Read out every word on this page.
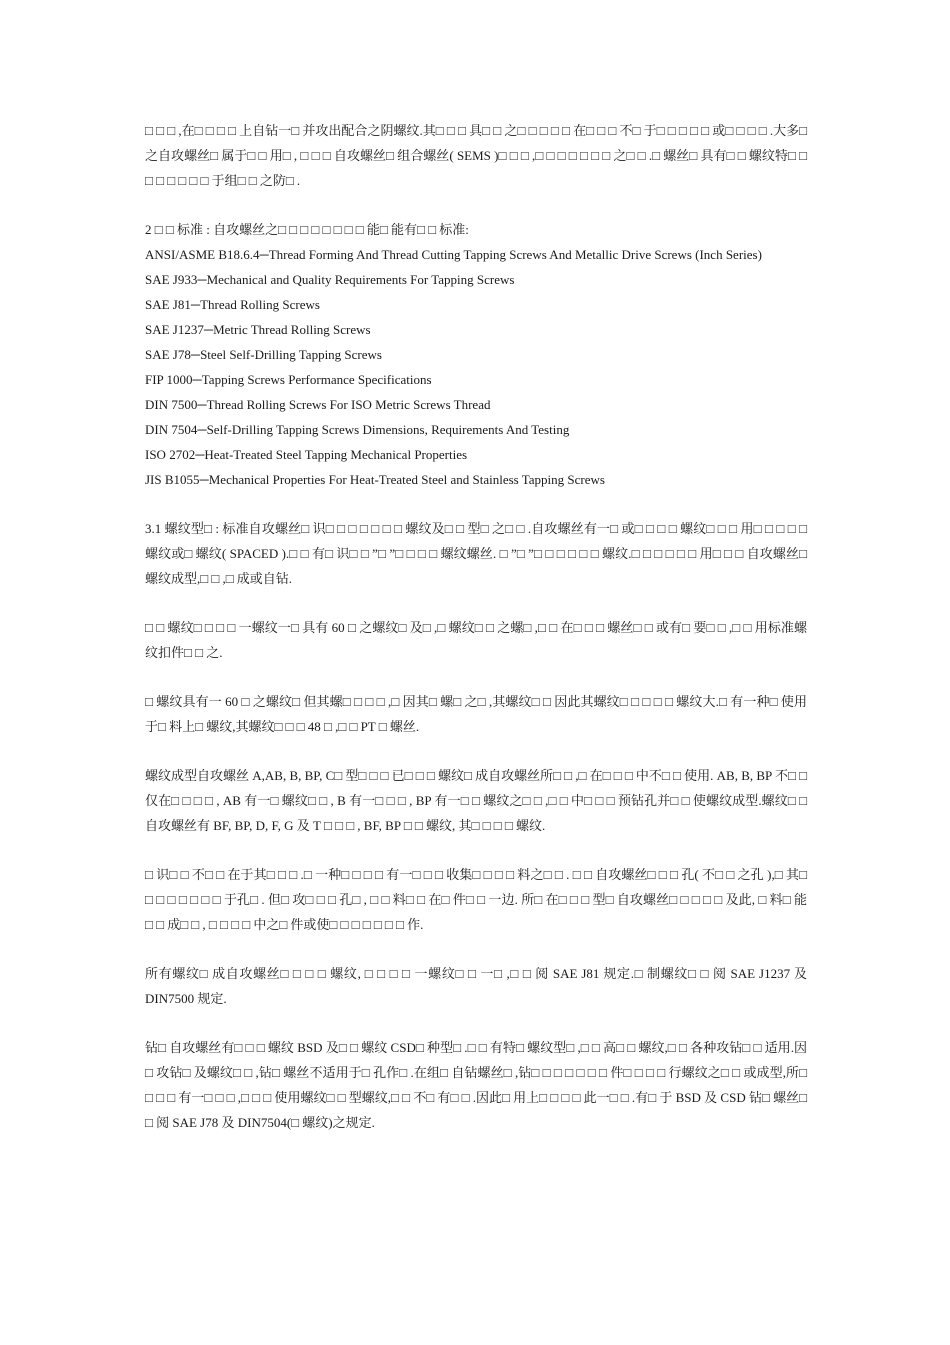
□ □ □ ,在□ □ □ □ 上自钻一□ 并攻出配合之阴螺纹.其□ □ □ 具□ □ 之□ □ □ □ □ 在□ □ □ 不□ 于□ □ □ □ □ 或□ □ □ □ .大多□ 之自攻螺丝□ 属于□ □ 用□ , □ □ □ 自攻螺丝□ 组合螺丝( SEMS )□ □ □ ,□ □ □ □ □ □ □ 之□ □ .□ 螺丝□ 具有□ □ 螺纹特□ □ □ □ □ □ □ □ 于组□ □ 之防□ .

2 □ □ 标准 : 自攻螺丝之□ □ □ □ □ □ □ □ 能□ 能有□ □ 标准:

ANSI/ASME B18.6.4─Thread Forming And Thread Cutting Tapping Screws And Metallic Drive Screws (Inch Series)
SAE J933─Mechanical and Quality Requirements For Tapping Screws
SAE J81─Thread Rolling Screws
SAE J1237─Metric Thread Rolling Screws
SAE J78─Steel Self-Drilling Tapping Screws
FIP 1000─Tapping Screws Performance Specifications
DIN 7500─Thread Rolling Screws For ISO Metric Screws Thread
DIN 7504─Self-Drilling Tapping Screws Dimensions, Requirements And Testing
ISO 2702─Heat-Treated Steel Tapping Mechanical Properties
JIS B1055─Mechanical Properties For Heat-Treated Steel and Stainless Tapping Screws

3.1 螺纹型□ : 标准自攻螺丝□ 识□ □ □ □ □ □ □ 螺纹及□ □ 型□ 之□ □ .自攻螺丝有一□ 或□ □ □ □ 螺纹□ □ □ 用□ □ □ □ □ 螺纹或□ 螺纹( SPACED ).□ □ 有□ 识□ □ ”□ ”□ □ □ □ 螺纹螺丝. □ ”□ ”□ □ □ □ □ □ 螺纹.□ □ □ □ □ □ 用□ □ □ 自攻螺丝□ 螺纹成型,□ □ ,□ 成或自钻.

□ □ 螺纹□ □ □ □ 一螺纹一□ 具有 60 □ 之螺纹□ 及□ ,□ 螺纹□ □ 之螺□ ,□ □ 在□ □ □ 螺丝□ □ 或有□ 要□ □ ,□ □ 用标准螺纹扣件□ □ 之.

□ 螺纹具有一 60 □ 之螺纹□ 但其螺□ □ □ □ ,□ 因其□ 螺□ 之□ ,其螺纹□ □ 因此其螺纹□ □ □ □ □ 螺纹大.□ 有一种□ 使用于□ 料上□ 螺纹,其螺纹□ □ □ 48 □ ,□ □ PT □ 螺丝.

螺纹成型自攻螺丝 A,AB, B, BP, C□ 型□ □ □ 已□ □ □ 螺纹□ 成自攻螺丝所□ □ ,□ 在□ □ □ 中不□ □ 使用. AB, B, BP 不□ □ 仅在□ □ □ □ , AB 有一□ 螺纹□ □ , B 有一□ □ □ , BP 有一□ □ 螺纹之□ □ ,□ □ 中□ □ □ 预钻孔并□ □ 使螺纹成型.螺纹□ □ 自攻螺丝有 BF, BP, D, F, G 及 T □ □ □ , BF, BP □ □ 螺纹, 其□ □ □ □ 螺纹.

□ 识□ □ 不□ □ 在于其□ □ □ .□ 一种□ □ □ □ 有一□ □ □ 收集□ □ □ □ 料之□ □ . □ □ 自攻螺丝□ □ □ 孔( 不□ □ 之孔 ),□ 其□ □ □ □ □ □ □ □ 于孔□ . 但□ 攻□ □ □ 孔□ , □ □ 料□ □ 在□ 件□ □ 一边. 所□ 在□ □ □ 型□ 自攻螺丝□ □ □ □ □ 及此, □ 料□ 能□ □ 成□ □ , □ □ □ □ 中之□ 件或使□ □ □ □ □ □ □ 作.

所有螺纹□ 成自攻螺丝□ □ □ □ 螺纹, □ □ □ □ 一螺纹□ □ 一□ ,□ □ 阅 SAE J81 规定.□ 制螺纹□ □ 阅 SAE J1237 及 DIN7500 规定.

钻□ 自攻螺丝有□ □ □ 螺纹 BSD 及□ □ 螺纹 CSD□ 种型□ .□ □ 有特□ 螺纹型□ ,□ □ 高□ □ 螺纹,□ □ 各种攻钻□ □ 适用.因□ 攻钻□ 及螺纹□ □ ,钻□ 螺丝不适用于□ 孔作□ .在组□ 自钻螺丝□ ,钻□ □ □ □ □ □ □ 件□ □ □ □ 行螺纹之□ □ 或成型,所□ □ □ □ 有一□ □ □ ,□ □ □ 使用螺纹□ □ 型螺纹,□ □ 不□ 有□ □ .因此□ 用上□ □ □ □ 此一□ □ .有□ 于 BSD 及 CSD 钻□ 螺丝□ □ 阅 SAE J78 及 DIN7504(□ 螺纹)之规定.
